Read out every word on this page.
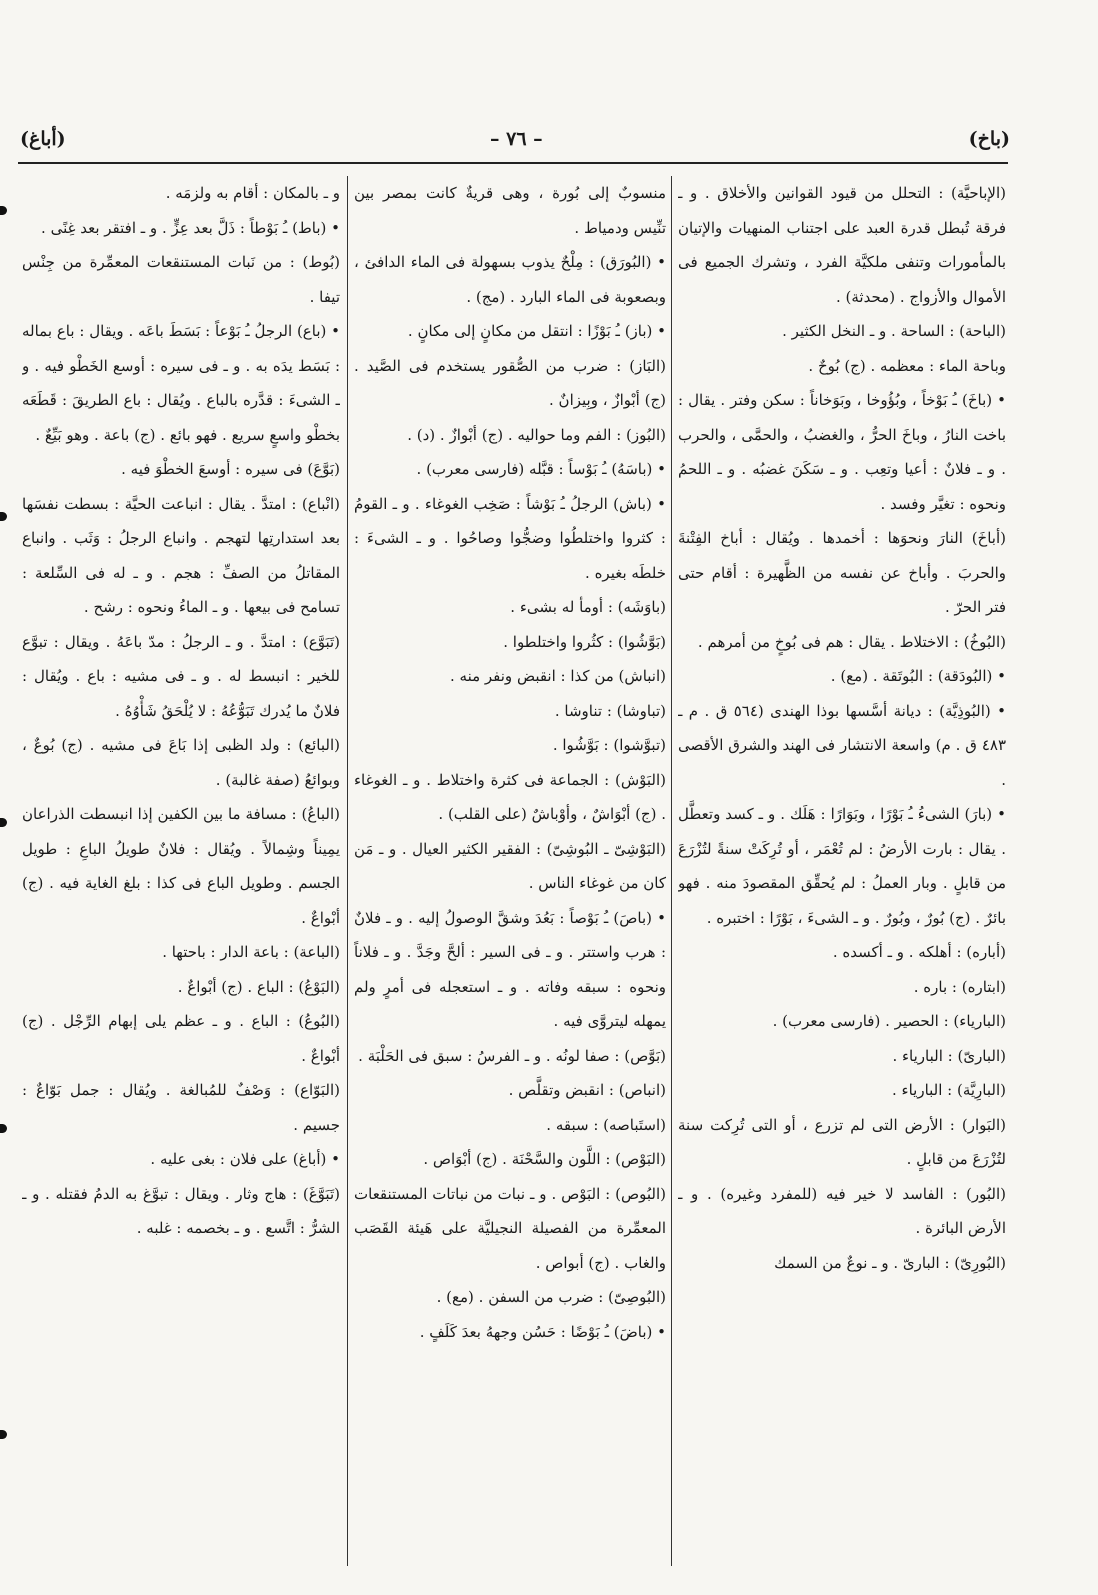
(أباغ)	– ٧٦ –	(باخ)

(الإباحيَّة) : التحلل من قيود القوانين والأخلاق . و ـ فرقة تُبطل قدرة العبد على اجتناب المنهيات والإتيان بالمأمورات وتنفى ملكيَّة الفرد ، وتشرك الجميع فى الأموال والأزواج . (محدثة) .

(الباحة) : الساحة . و ـ النخل الكثير .

وباحة الماء : معظمه . (ج) بُوحٌ .

• (باخَ) ـُ بَوْخاً ، وبُؤُوخا ، وبَوَخاناً : سكن وفتر . يقال : باخت النارُ ، وباخَ الحرُّ ، والغضبُ ، والحمَّى ، والحرب . و ـ فلانٌ : أعيا وتعِب . و ـ سَكَنَ غضبُه . و ـ اللحمُ ونحوه : تغيَّر وفسد .

(أباخَ) النارَ ونحوَها : أخمدها . ويُقال : أباخ الفِتْنةَ والحربَ . وأباخ عن نفسه من الظَّهيرة : أقام حتى فتر الحرّ .

(البُوخُ) : الاختلاط . يقال : هم فى بُوخٍ من أمرهم .

• (البُودَقة) : البُوتَقة . (مع) .

• (البُوذِيَّة) : ديانة أسَّسها بوذا الهندى (٥٦٤ ق . م ـ ٤٨٣ ق . م) واسعة الانتشار فى الهند والشرق الأقصى .

• (بارَ) الشىءُ ـُ بَوْرًا ، وبَوَارًا : هَلَك . و ـ كسد وتعطَّل . يقال : بارت الأرضُ : لم تُعْمَر ، أو تُرِكَتْ سنةً لتُزْرَعَ من قابلٍ . وبار العملُ : لم يُحقِّق المقصودَ منه . فهو بائرٌ . (ج) بُورٌ ، وبُورٌ . و ـ الشىءَ ، بَوْرًا : اختبره .

(أباره) : أهلكه . و ـ أكسده .

(ابتاره) : باره .

(البارياء) : الحصير . (فارسى معرب) .

(البارىّ) : البارياء .

(البارِيَّة) : البارياء .

(البَوار) : الأرض التى لم تزرع ، أو التى تُرِكت سنة لتُزْرَعَ من قابلٍ .

(البُور) : الفاسد لا خير فيه (للمفرد وغيره) . و ـ الأرض البائرة .

(البُورِىّ) : البارىّ . و ـ نوعٌ من السمك

منسوبٌ إلى بُورة ، وهى قريةٌ كانت بمصر بين تنِّيس ودمياط .

• (البُورَق) : مِلْحٌ يذوب بسهولة فى الماء الدافئ ، وبصعوبة فى الماء البارد . (مج) .

• (باز) ـُ بَوْزًا : انتقل من مكانٍ إلى مكانٍ .

(البَاز) : ضرب من الصُّقور يستخدم فى الصَّيد . (ج) أبْوازٌ ، وبِيزانٌ .

(البُوز) : الفم وما حواليه . (ج) أبْوازٌ . (د) .

• (باسَهُ) ـُ بَوْساً : قبَّله (فارسى معرب) .

• (باش) الرجلُ ـُ بَوْشاً : صَخِب الغوغاء . و ـ القومُ : كثروا واختلطُوا وضجُّوا وصاحُوا . و ـ الشىءَ : خلطَه بغيره .

(باوَشَه) : أومأ له بشىء .

(بَوَّشُوا) : كثُروا واختلطوا .

(انباش) من كذا : انقبض ونفر منه .

(تباوشا) : تناوشا .

(تبوَّشوا) : بَوَّشُوا .

(البَوْش) : الجماعة فى كثرة واختلاط . و ـ الغوغاء . (ج) أبْوَاشٌ ، وأوْباشٌ (على القلب) .

(البَوْشِىّ ـ البُوشِىّ) : الفقير الكثير العيال . و ـ مَن كان من غوغاء الناس .

• (باصَ) ـُ بَوْصاً : بَعُدَ وشقَّ الوصولُ إليه . و ـ فلانٌ : هرب واستتر . و ـ فى السير : ألحَّ وجَدَّ . و ـ فلاناً ونحوه : سبقه وفاته . و ـ استعجله فى أمرٍ ولم يمهله ليتروَّى فيه .

(بَوَّص) : صفا لونُه . و ـ الفرسُ : سبق فى الحَلْبَة .

(انباص) : انقبض وتقلَّص .

(استَباصه) : سبقه .

(البَوْص) : اللَّون والسَّحْنَة . (ج) أبْوَاص .

(البُوص) : البَوْص . و ـ نبات من نباتات المستنقعات المعمِّرة من الفصيلة النجيليَّة على هَيئة القَصَب والغاب . (ج) أبواص .

(البُوصِىّ) : ضرب من السفن . (مع) .

• (باضَ) ـُ بَوْضًا : حَسُن وجههُ بعدَ كَلَفٍ .

و ـ بالمكان : أقام به ولزمَه .

• (باط) ـُ بَوْطاً : ذَلَّ بعد عِزٍّ . و ـ افتقر بعد غِنًى .

(بُوط) : من نَبات المستنقعات المعمِّرة من جِنْس تيفا .

• (باع) الرجلُ ـُ بَوْعاً : بَسَطَ باعَه . ويقال : باع بماله : بَسَط يدَه به . و ـ فى سيره : أوسع الخَطْو فيه . و ـ الشىءَ : قدَّره بالباع . ويُقال : باع الطريقَ : قَطَعَه بخطْو واسعٍ سريع . فهو بائع . (ج) باعة . وهو بَيِّعٌ .

(بَوَّعَ) فى سيره : أوسعَ الخطْوَ فيه .

(انْباع) : امتدَّ . يقال : انباعت الحيَّة : بسطت نفسَها بعد استدارتِها لتهجم . وانباع الرجلُ : وَثَب . وانباع المقاتلُ من الصفِّ : هجم . و ـ له فى السِّلعة : تسامح فى بيعها . و ـ الماءُ ونحوه : رشح .

(تَبَوَّع) : امتدَّ . و ـ الرجلُ : مدّ باعَهُ . ويقال : تبوَّع للخير : انبسط له . و ـ فى مشيه : باع . ويُقال : فلانٌ ما يُدرك تَبَوُّعُهُ : لا يُلْحَقُ شَأْوُهُ .

(البائع) : ولد الظبى إذا بَاعَ فى مشيه . (ج) بُوعٌ ، وبوائعُ (صفة غالبة) .

(الباعُ) : مسافة ما بين الكفين إذا انبسطت الذراعان يمِيناً وشِمالاً . ويُقال : فلانٌ طويلُ الباعِ : طويل الجسم . وطويل الباع فى كذا : بلغ الغاية فيه . (ج) أبْواعٌ .

(الباعة) : باعة الدار : باحتها .

(البَوْعُ) : الباع . (ج) أبْواعٌ .

(البُوعُ) : الباع . و ـ عظم يلى إبهام الرِّجْل . (ج) أبْواعٌ .

(البَوّاع) : وَصْفٌ للمُبالغة . ويُقال : جمل بَوّاعٌ : جسيم .

• (أباغ) على فلان : بغى عليه .

(تَبَوَّغَ) : هاج وثار . ويقال : تبوَّغ به الدمُ فقتله . و ـ الشرُّ : اتَّسع . و ـ بخصمه : غلبه .
